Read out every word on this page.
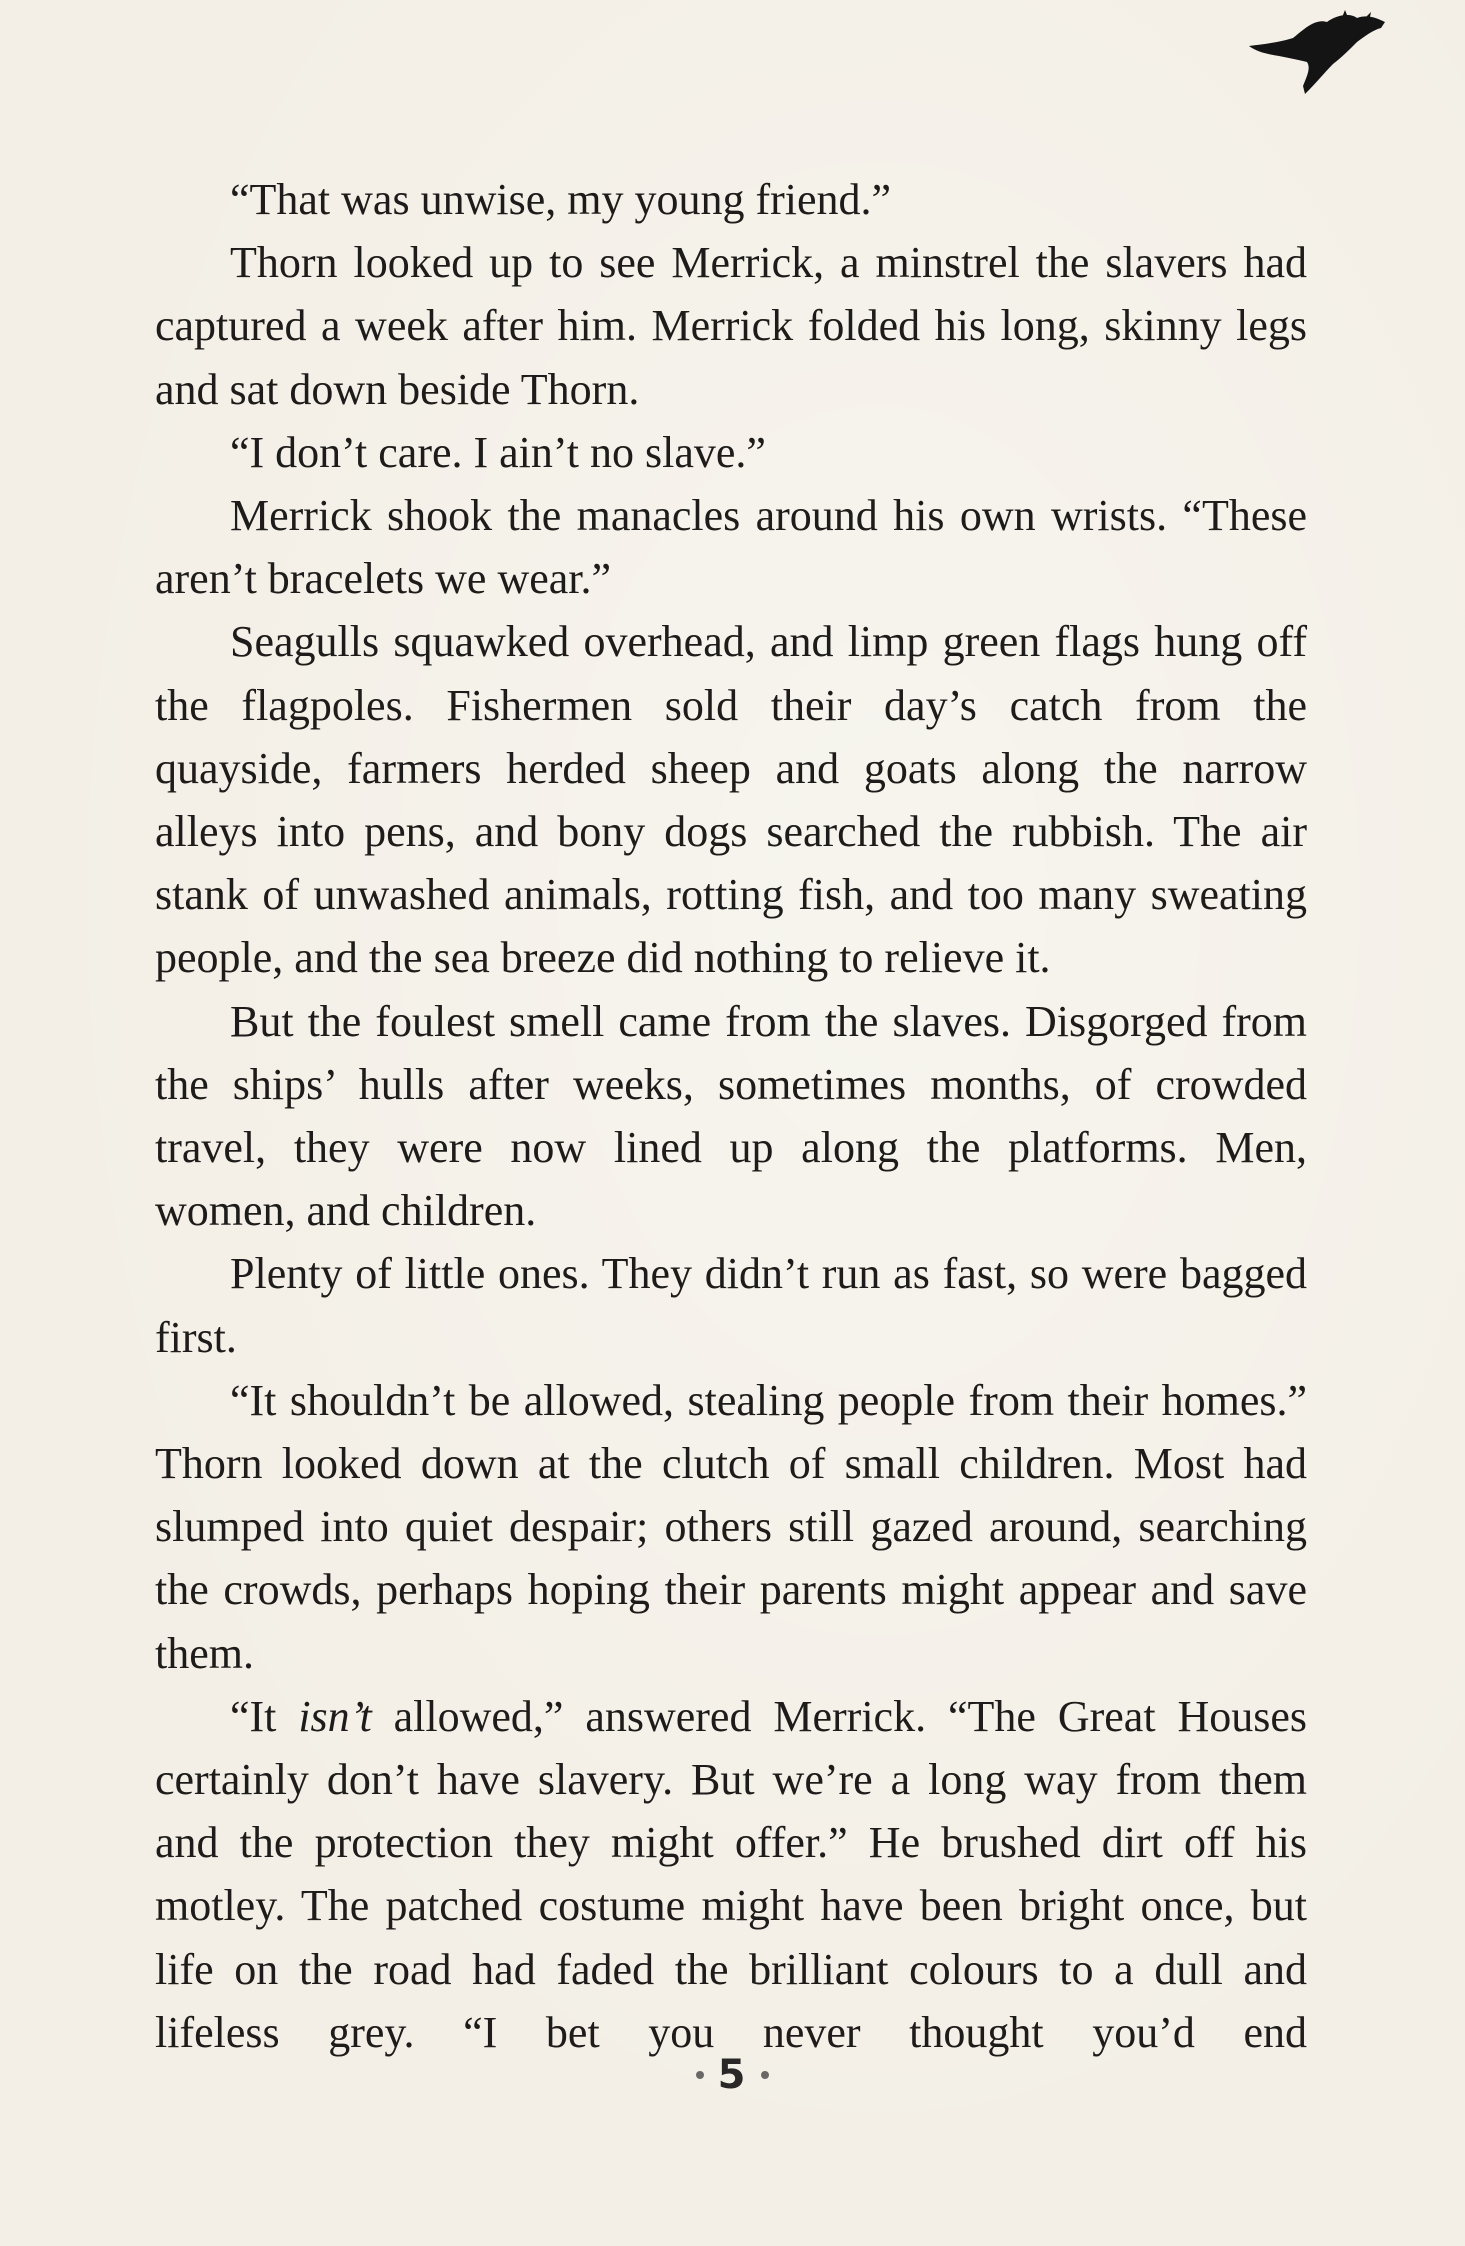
“That was unwise, my young friend.”

Thorn looked up to see Merrick, a minstrel the slavers had captured a week after him. Merrick folded his long, skinny legs and sat down beside Thorn.

“I don’t care. I ain’t no slave.”

Merrick shook the manacles around his own wrists. “These aren’t bracelets we wear.”

Seagulls squawked overhead, and limp green flags hung off the flagpoles. Fishermen sold their day’s catch from the quayside, farmers herded sheep and goats along the narrow alleys into pens, and bony dogs searched the rubbish. The air stank of unwashed animals, rotting fish, and too many sweating people, and the sea breeze did nothing to relieve it.

But the foulest smell came from the slaves. Disgorged from the ships’ hulls after weeks, sometimes months, of crowded travel, they were now lined up along the platforms. Men, women, and children.

Plenty of little ones. They didn’t run as fast, so were bagged first.

“It shouldn’t be allowed, stealing people from their homes.” Thorn looked down at the clutch of small children. Most had slumped into quiet despair; others still gazed around, searching the crowds, perhaps hoping their parents might appear and save them.

“It isn’t allowed,” answered Merrick. “The Great Houses certainly don’t have slavery. But we’re a long way from them and the protection they might offer.” He brushed dirt off his motley. The patched costume might have been bright once, but life on the road had faded the brilliant colours to a dull and lifeless grey. “I bet you never thought you’d end

5
